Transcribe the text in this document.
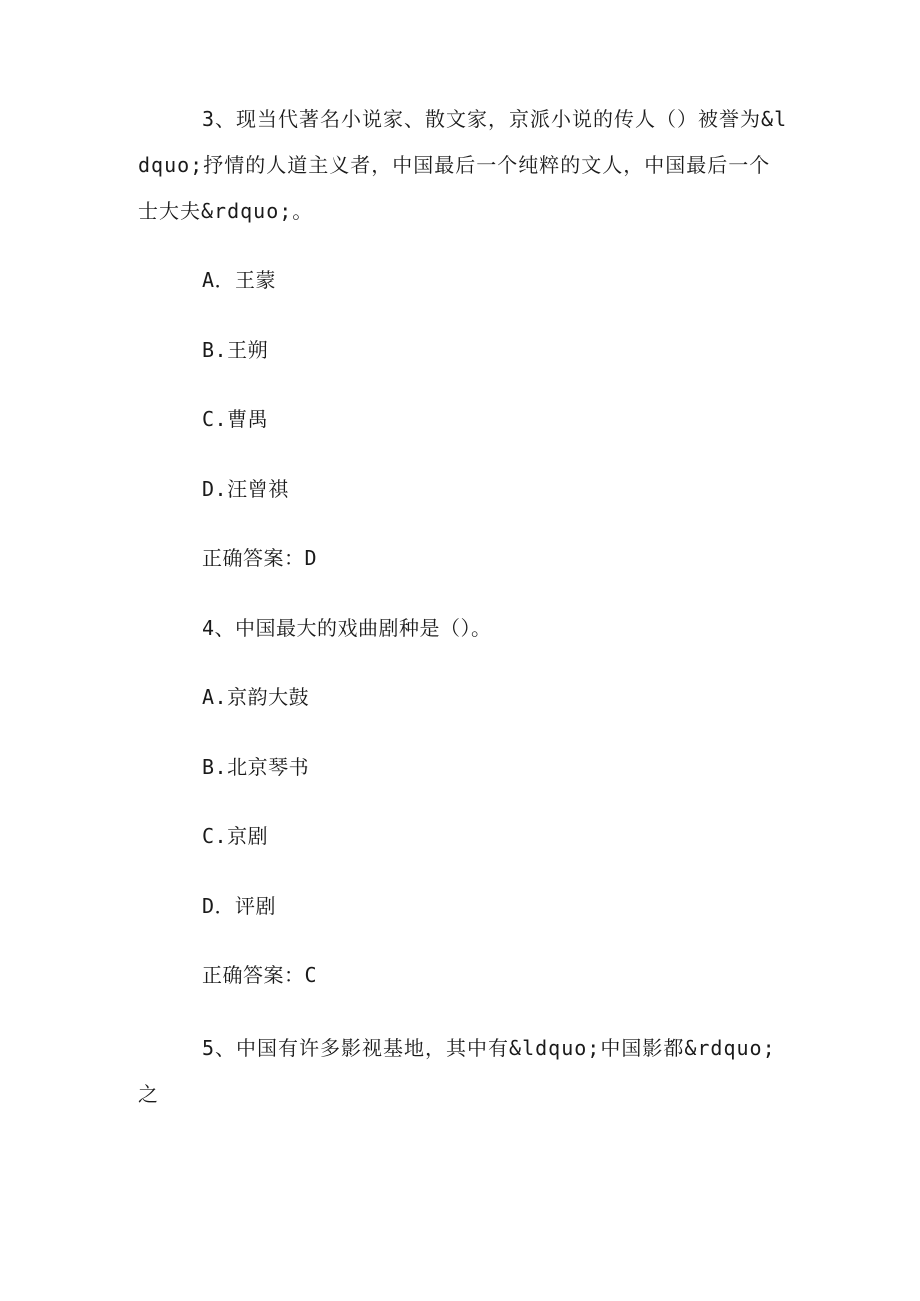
3、现当代著名小说家、散文家，京派小说的传人（）被誉为&ldquo;抒情的人道主义者，中国最后一个纯粹的文人，中国最后一个士大夫&rdquo;。
A．王蒙
B.王朔
C.曹禺
D.汪曾祺
正确答案：D
4、中国最大的戏曲剧种是（）。
A.京韵大鼓
B.北京琴书
C.京剧
D．评剧
正确答案：C
5、中国有许多影视基地，其中有&ldquo;中国影都&rdquo;之
